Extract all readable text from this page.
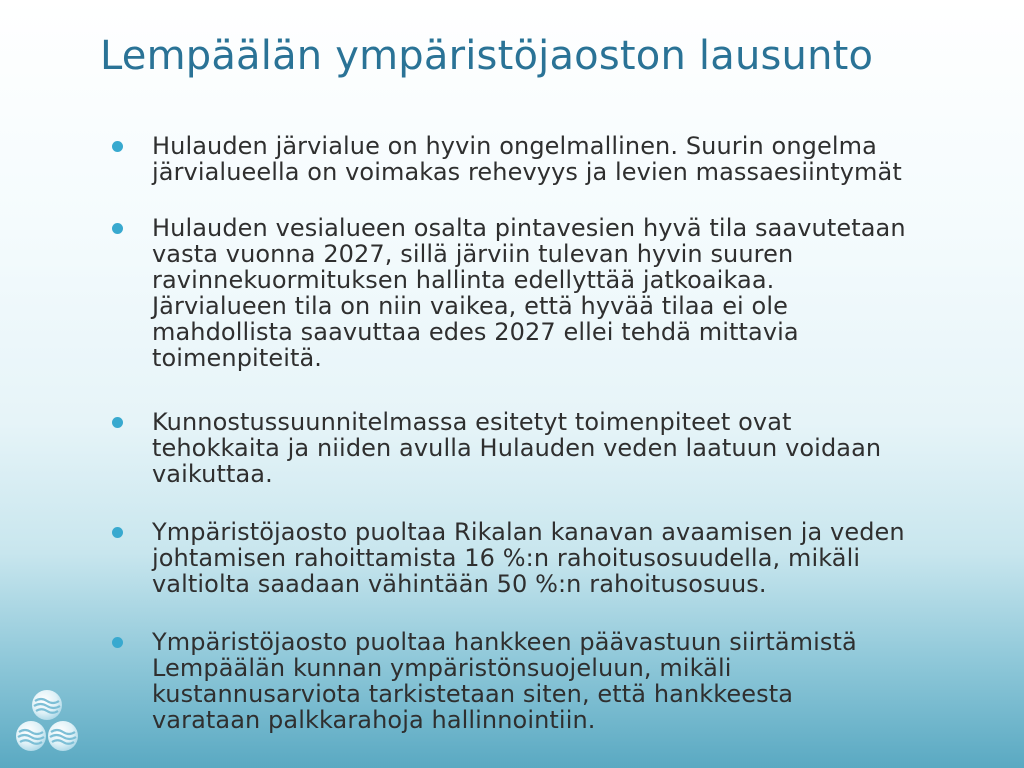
Lempäälän ympäristöjaoston lausunto
Hulauden järvialue on hyvin ongelmallinen. Suurin ongelma
järvialueella on voimakas rehevyys ja levien massaesiintymät
Hulauden vesialueen osalta pintavesien hyvä tila saavutetaan
vasta vuonna 2027, sillä järviin tulevan hyvin suuren
ravinnekuormituksen hallinta edellyttää jatkoaikaa.
Järvialueen tila on niin vaikea, että hyvää tilaa ei ole
mahdollista saavuttaa edes 2027 ellei tehdä mittavia
toimenpiteitä.
Kunnostussuunnitelmassa esitetyt toimenpiteet ovat
tehokkaita ja niiden avulla Hulauden veden laatuun voidaan
vaikuttaa.
Ympäristöjaosto puoltaa Rikalan kanavan avaamisen ja veden
johtamisen rahoittamista 16 %:n rahoitusosuudella, mikäli
valtiolta saadaan vähintään 50 %:n rahoitusosuus.
Ympäristöjaosto puoltaa hankkeen päävastuun siirtämistä
Lempäälän kunnan ympäristönsuojeluun, mikäli
kustannusarviota tarkistetaan siten, että hankkeesta
varataan palkkarahoja hallinnointiin.
